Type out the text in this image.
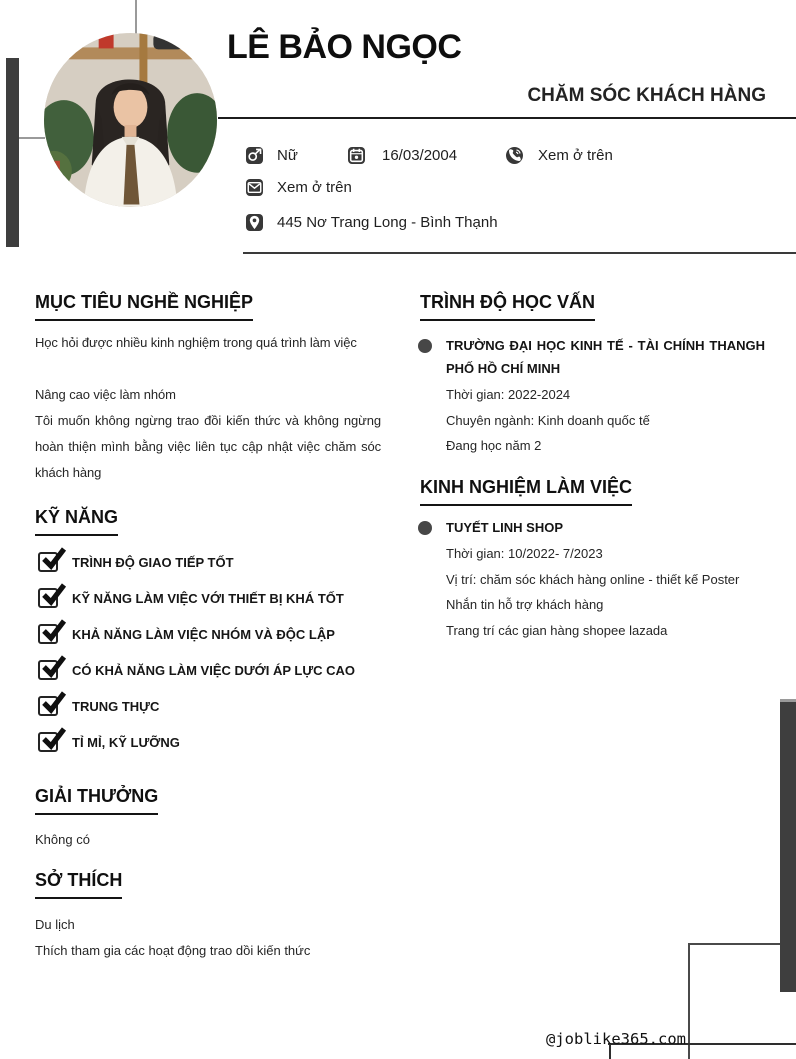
LÊ BẢO NGỌC
CHĂM SÓC KHÁCH HÀNG
Nữ	16/03/2004	Xem ở trên
Xem ở trên
445 Nơ Trang Long - Bình Thạnh
MỤC TIÊU NGHỀ NGHIỆP
Học hỏi được nhiều kinh nghiệm trong quá trình làm việc
Nâng cao việc làm nhóm
Tôi muốn không ngừng trao đồi kiến thức và không ngừng hoàn thiện mình bằng việc liên tục cập nhật việc chăm sóc khách hàng
KỸ NĂNG
TRÌNH ĐỘ GIAO TIẾP TỐT
KỸ NĂNG LÀM VIỆC VỚI THIẾT BỊ KHÁ TỐT
KHẢ NĂNG LÀM VIỆC NHÓM VÀ ĐỘC LẬP
CÓ KHẢ NĂNG LÀM VIỆC DƯỚI ÁP LỰC CAO
TRUNG THỰC
TỈ MỈ, KỸ LƯỠNG
GIẢI THƯỞNG
Không có
SỞ THÍCH
Du lịch
Thích tham gia các hoạt động trao dồi kiến thức
TRÌNH ĐỘ HỌC VẤN
TRƯỜNG ĐẠI HỌC KINH TẾ - TÀI CHÍNH THANGH PHỐ HỒ CHÍ MINH
Thời gian: 2022-2024
Chuyên ngành: Kinh doanh quốc tế
Đang học năm 2
KINH NGHIỆM LÀM VIỆC
TUYẾT LINH SHOP
Thời gian: 10/2022- 7/2023
Vị trí: chăm sóc khách hàng online - thiết kế Poster
Nhắn tin hỗ trợ khách hàng
Trang trí các gian hàng shopee lazada
@joblike365.com
